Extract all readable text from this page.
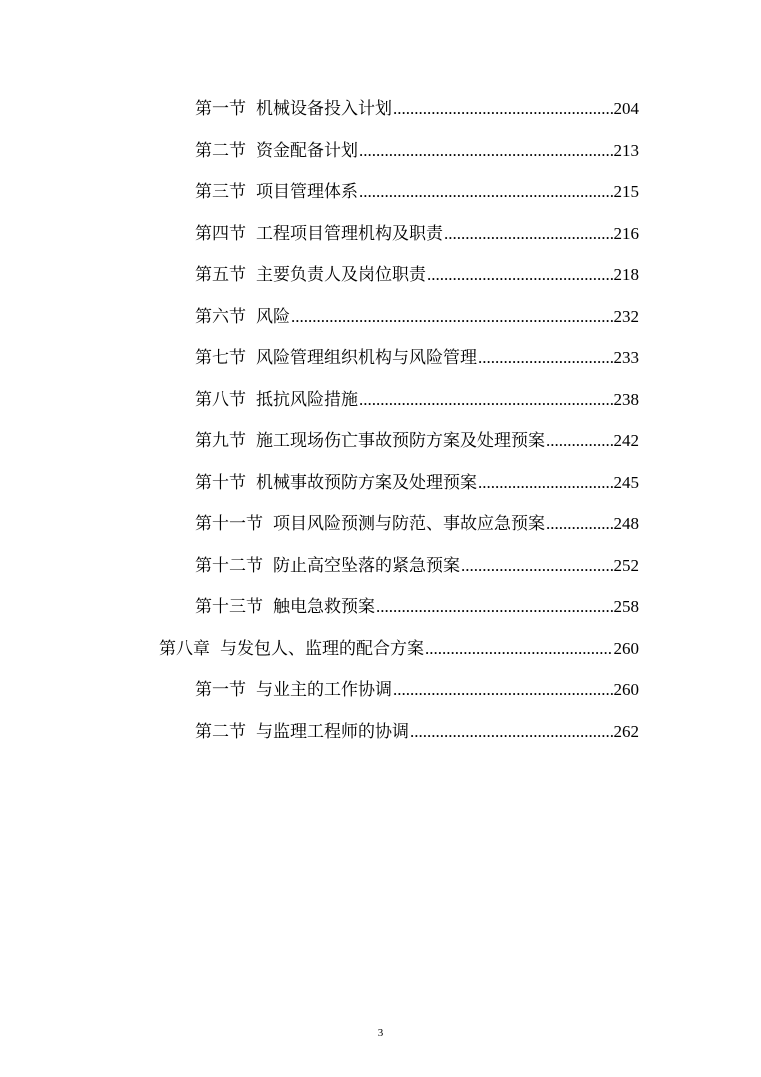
第一节 机械设备投入计划 .....	204
第二节 资金配备计划 .....	213
第三节 项目管理体系 .....	215
第四节 工程项目管理机构及职责 .....	216
第五节 主要负责人及岗位职责 .....	218
第六节 风险 .....	232
第七节 风险管理组织机构与风险管理 .....	233
第八节 抵抗风险措施 .....	238
第九节 施工现场伤亡事故预防方案及处理预案 .....	242
第十节 机械事故预防方案及处理预案 .....	245
第十一节 项目风险预测与防范、事故应急预案 .....	248
第十二节 防止高空坠落的紧急预案 .....	252
第十三节 触电急救预案 .....	258
第八章 与发包人、监理的配合方案 .....	260
第一节 与业主的工作协调 .....	260
第二节 与监理工程师的协调 .....	262
3
